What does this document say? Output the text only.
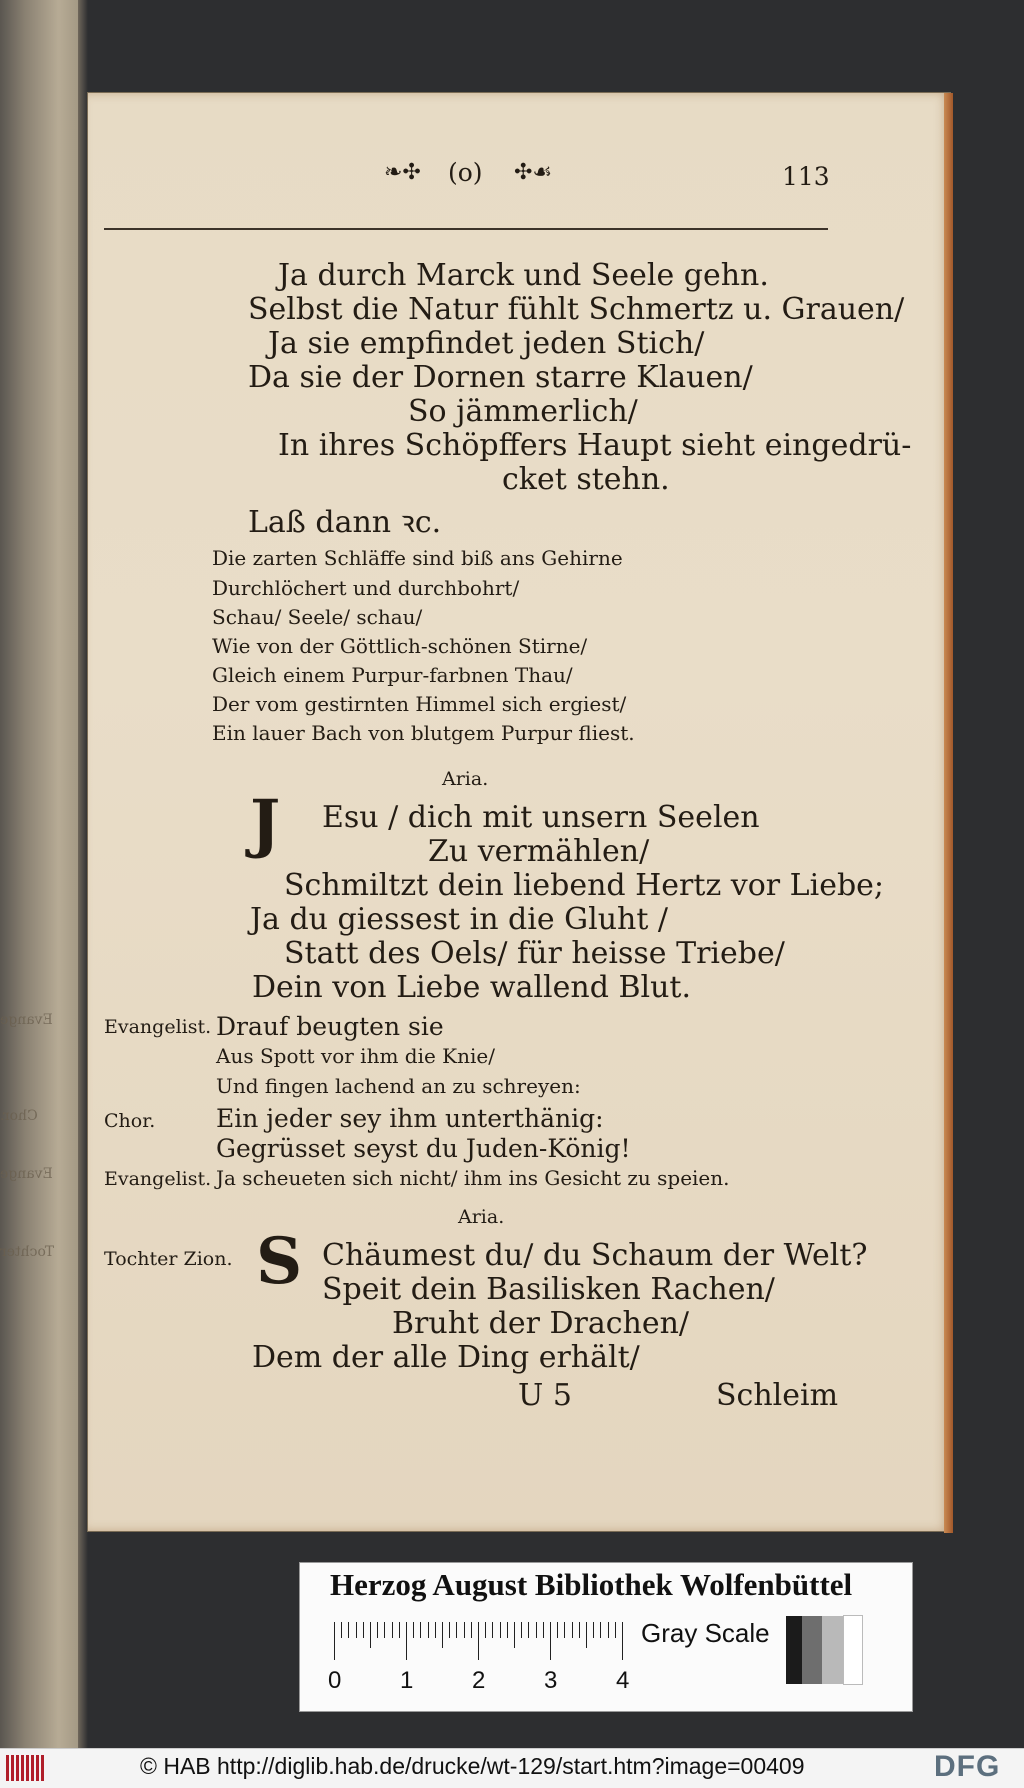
Evange
Chor.
Evange
Tochter
❧✣ (o) ✣☙	113
Ja durch Marck und Seele gehn.
Selbst die Natur fühlt Schmertz u. Grauen/
Ja sie empfindet jeden Stich/
Da sie der Dornen starre Klauen/
So jämmerlich/
In ihres Schöpffers Haupt sieht eingedrü-
cket stehn.
Laß dann ꝛc.
Die zarten Schläffe sind biß ans Gehirne
Durchlöchert und durchbohrt/
Schau/ Seele/ schau/
Wie von der Göttlich-schönen Stirne/
Gleich einem Purpur-farbnen Thau/
Der vom gestirnten Himmel sich ergiest/
Ein lauer Bach von blutgem Purpur fliest.
Aria.
J Esu / dich mit unsern Seelen
Zu vermählen/
Schmiltzt dein liebend Hertz vor Liebe;
Ja du giessest in die Gluht /
Statt des Oels/ für heisse Triebe/
Dein von Liebe wallend Blut.
Evangelist. Drauf beugten sie
Aus Spott vor ihm die Knie/
Und fingen lachend an zu schreyen:
Chor. Ein jeder sey ihm unterthänig:
Gegrüsset seyst du Juden-König!
Evangelist. Ja scheueten sich nicht/ ihm ins Gesicht zu speien.
Aria.
Tochter Zion. S Chäumest du/ du Schaum der Welt?
Speit dein Basilisken Rachen/
Bruht der Drachen/
Dem der alle Ding erhält/
U 5	Schleim
Herzog August Bibliothek Wolfenbüttel
0 1 2 3 4
Gray Scale
© HAB http://diglib.hab.de/drucke/wt-129/start.htm?image=00409	DFG
